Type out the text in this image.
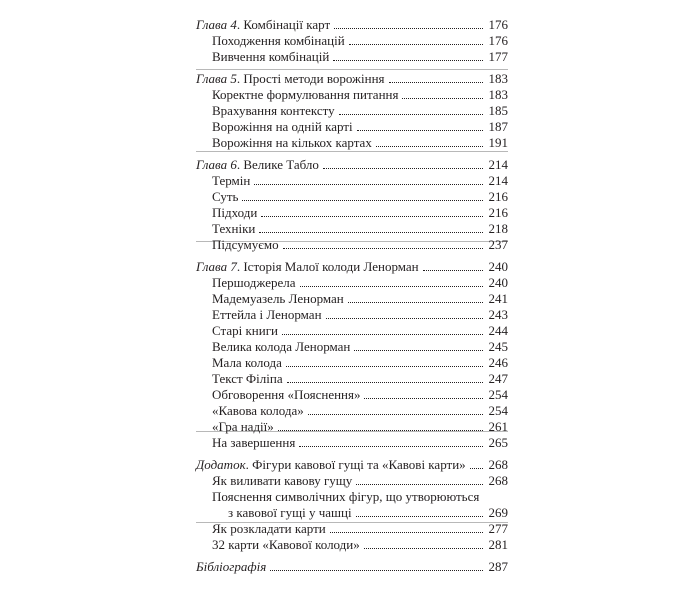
Глава 4. Комбінації карт	176
Походження комбінацій	176
Вивчення комбінацій	177
Глава 5. Прості методи ворожіння	183
Коректне формулювання питання	183
Врахування контексту	185
Ворожіння на одній карті	187
Ворожіння на кількох картах	191
Глава 6. Велике Табло	214
Термін	214
Суть	216
Підходи	216
Техніки	218
Підсумуємо	237
Глава 7. Історія Малої колоди Ленорман	240
Першоджерела	240
Мадемуазель Ленорман	241
Еттейла і Ленорман	243
Старі книги	244
Велика колода Ленорман	245
Мала колода	246
Текст Філіпа	247
Обговорення «Пояснення»	254
«Кавова колода»	254
«Гра надії»	261
На завершення	265
Додаток. Фігури кавової гущі та «Кавові карти» 268
Як виливати кавову гущу	268
Пояснення символічних фігур, що утворюються
з кавової гущі у чашці	269
Як розкладати карти	277
32 карти «Кавової колоди»	281
Бібліографія	287
